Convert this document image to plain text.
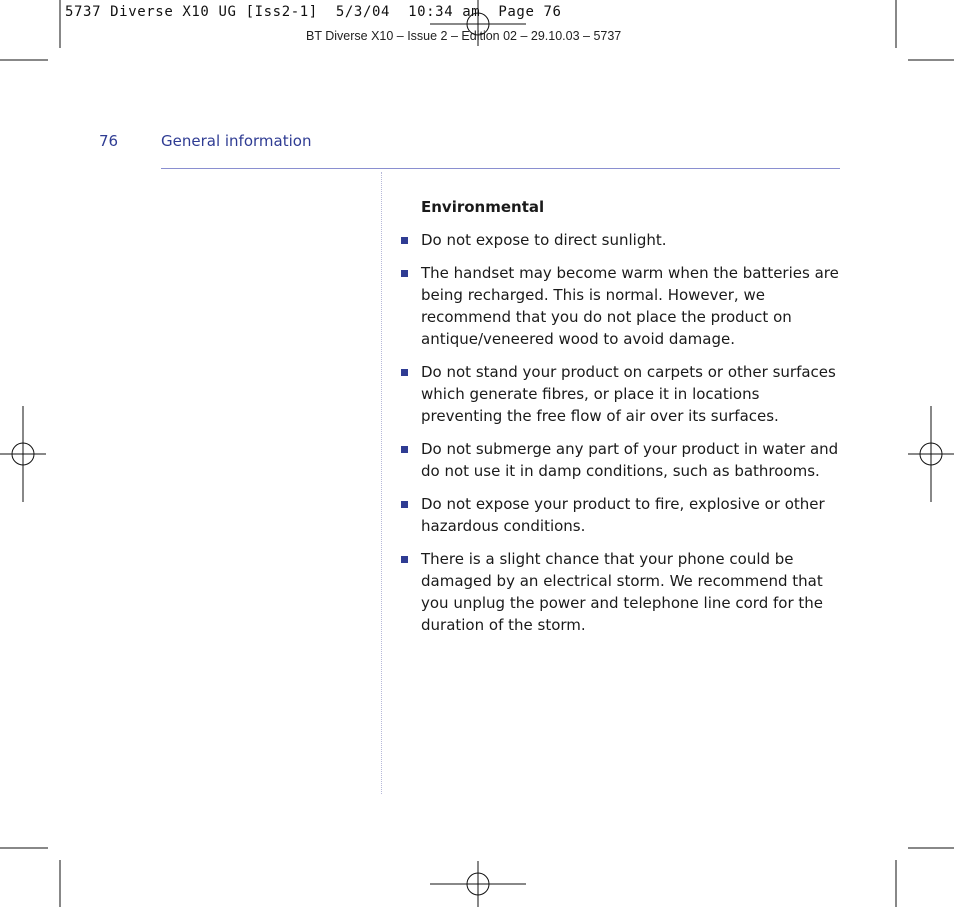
5737 Diverse X10 UG [Iss2-1]  5/3/04  10:34 am  Page 76
BT Diverse X10 – Issue 2 – Edition 02 – 29.10.03 – 5737
76	General information
Environmental
Do not expose to direct sunlight.
The handset may become warm when the batteries are being recharged. This is normal. However, we recommend that you do not place the product on antique/veneered wood to avoid damage.
Do not stand your product on carpets or other surfaces which generate fibres, or place it in locations preventing the free flow of air over its surfaces.
Do not submerge any part of your product in water and do not use it in damp conditions, such as bathrooms.
Do not expose your product to fire, explosive or other hazardous conditions.
There is a slight chance that your phone could be damaged by an electrical storm. We recommend that you unplug the power and telephone line cord for the duration of the storm.
